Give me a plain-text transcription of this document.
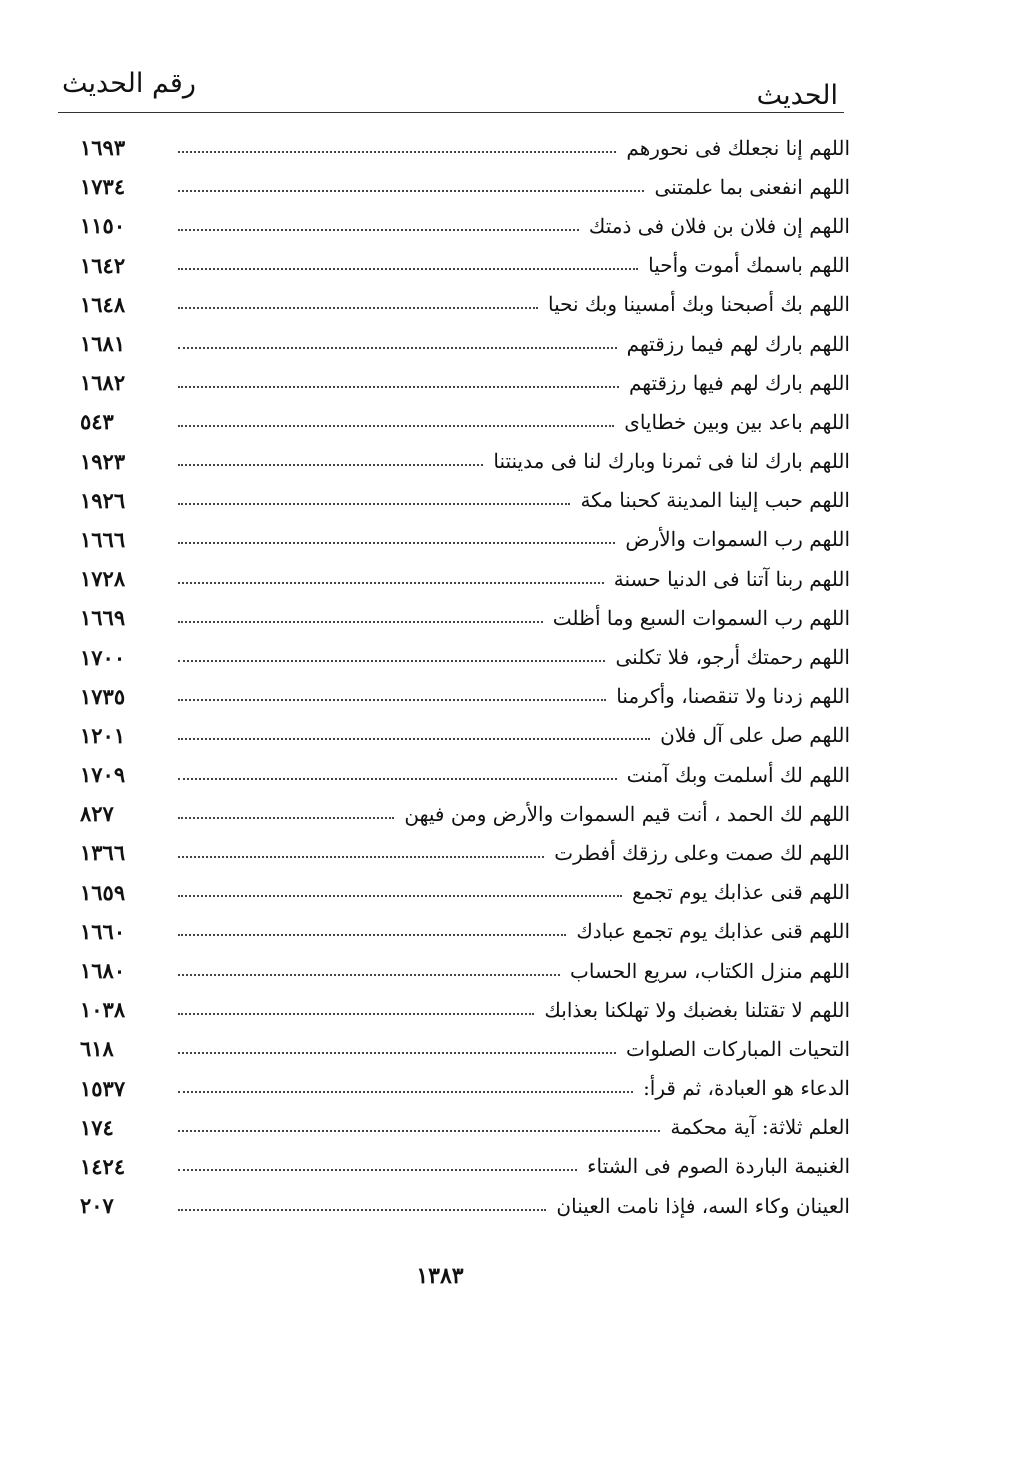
رقم الحديث	الحديث
١٦٩٣	اللهم إنا نجعلك فى نحورهم
١٧٣٤	اللهم انفعنى بما علمتنى
١١٥٠	اللهم إن فلان بن فلان فى ذمتك
١٦٤٢	اللهم باسمك أموت وأحيا
١٦٤٨	اللهم بك أصبحنا وبك أمسينا وبك نحيا
١٦٨١	اللهم بارك لهم فيما رزقتهم
١٦٨٢	اللهم بارك لهم فيها رزقتهم
٥٤٣	اللهم باعد بين وبين خطاياى
١٩٢٣	اللهم بارك لنا فى ثمرنا وبارك لنا فى مدينتنا
١٩٢٦	اللهم حبب إلينا المدينة كحبنا مكة
١٦٦٦	اللهم رب السموات والأرض
١٧٢٨	اللهم ربنا آتنا فى الدنيا حسنة
١٦٦٩	اللهم رب السموات السبع وما أظلت
١٧٠٠	اللهم رحمتك أرجو، فلا تكلنى
١٧٣٥	اللهم زدنا ولا تنقصنا، وأكرمنا
١٢٠١	اللهم صل على آل فلان
١٧٠٩	اللهم لك أسلمت وبك آمنت
٨٢٧	اللهم لك الحمد ، أنت قيم السموات والأرض ومن فيهن
١٣٦٦	اللهم لك صمت وعلى رزقك أفطرت
١٦٥٩	اللهم قنى عذابك يوم تجمع
١٦٦٠	اللهم قنى عذابك يوم تجمع عبادك
١٦٨٠	اللهم منزل الكتاب، سريع الحساب
١٠٣٨	اللهم لا تقتلنا بغضبك ولا تهلكنا بعذابك
٦١٨	التحيات المباركات الصلوات
١٥٣٧	الدعاء هو العبادة، ثم قرأ:
١٧٤	العلم ثلاثة: آية محكمة
١٤٢٤	الغنيمة الباردة الصوم فى الشتاء
٢٠٧	العينان وكاء السه، فإذا نامت العينان
١٣٨٣
